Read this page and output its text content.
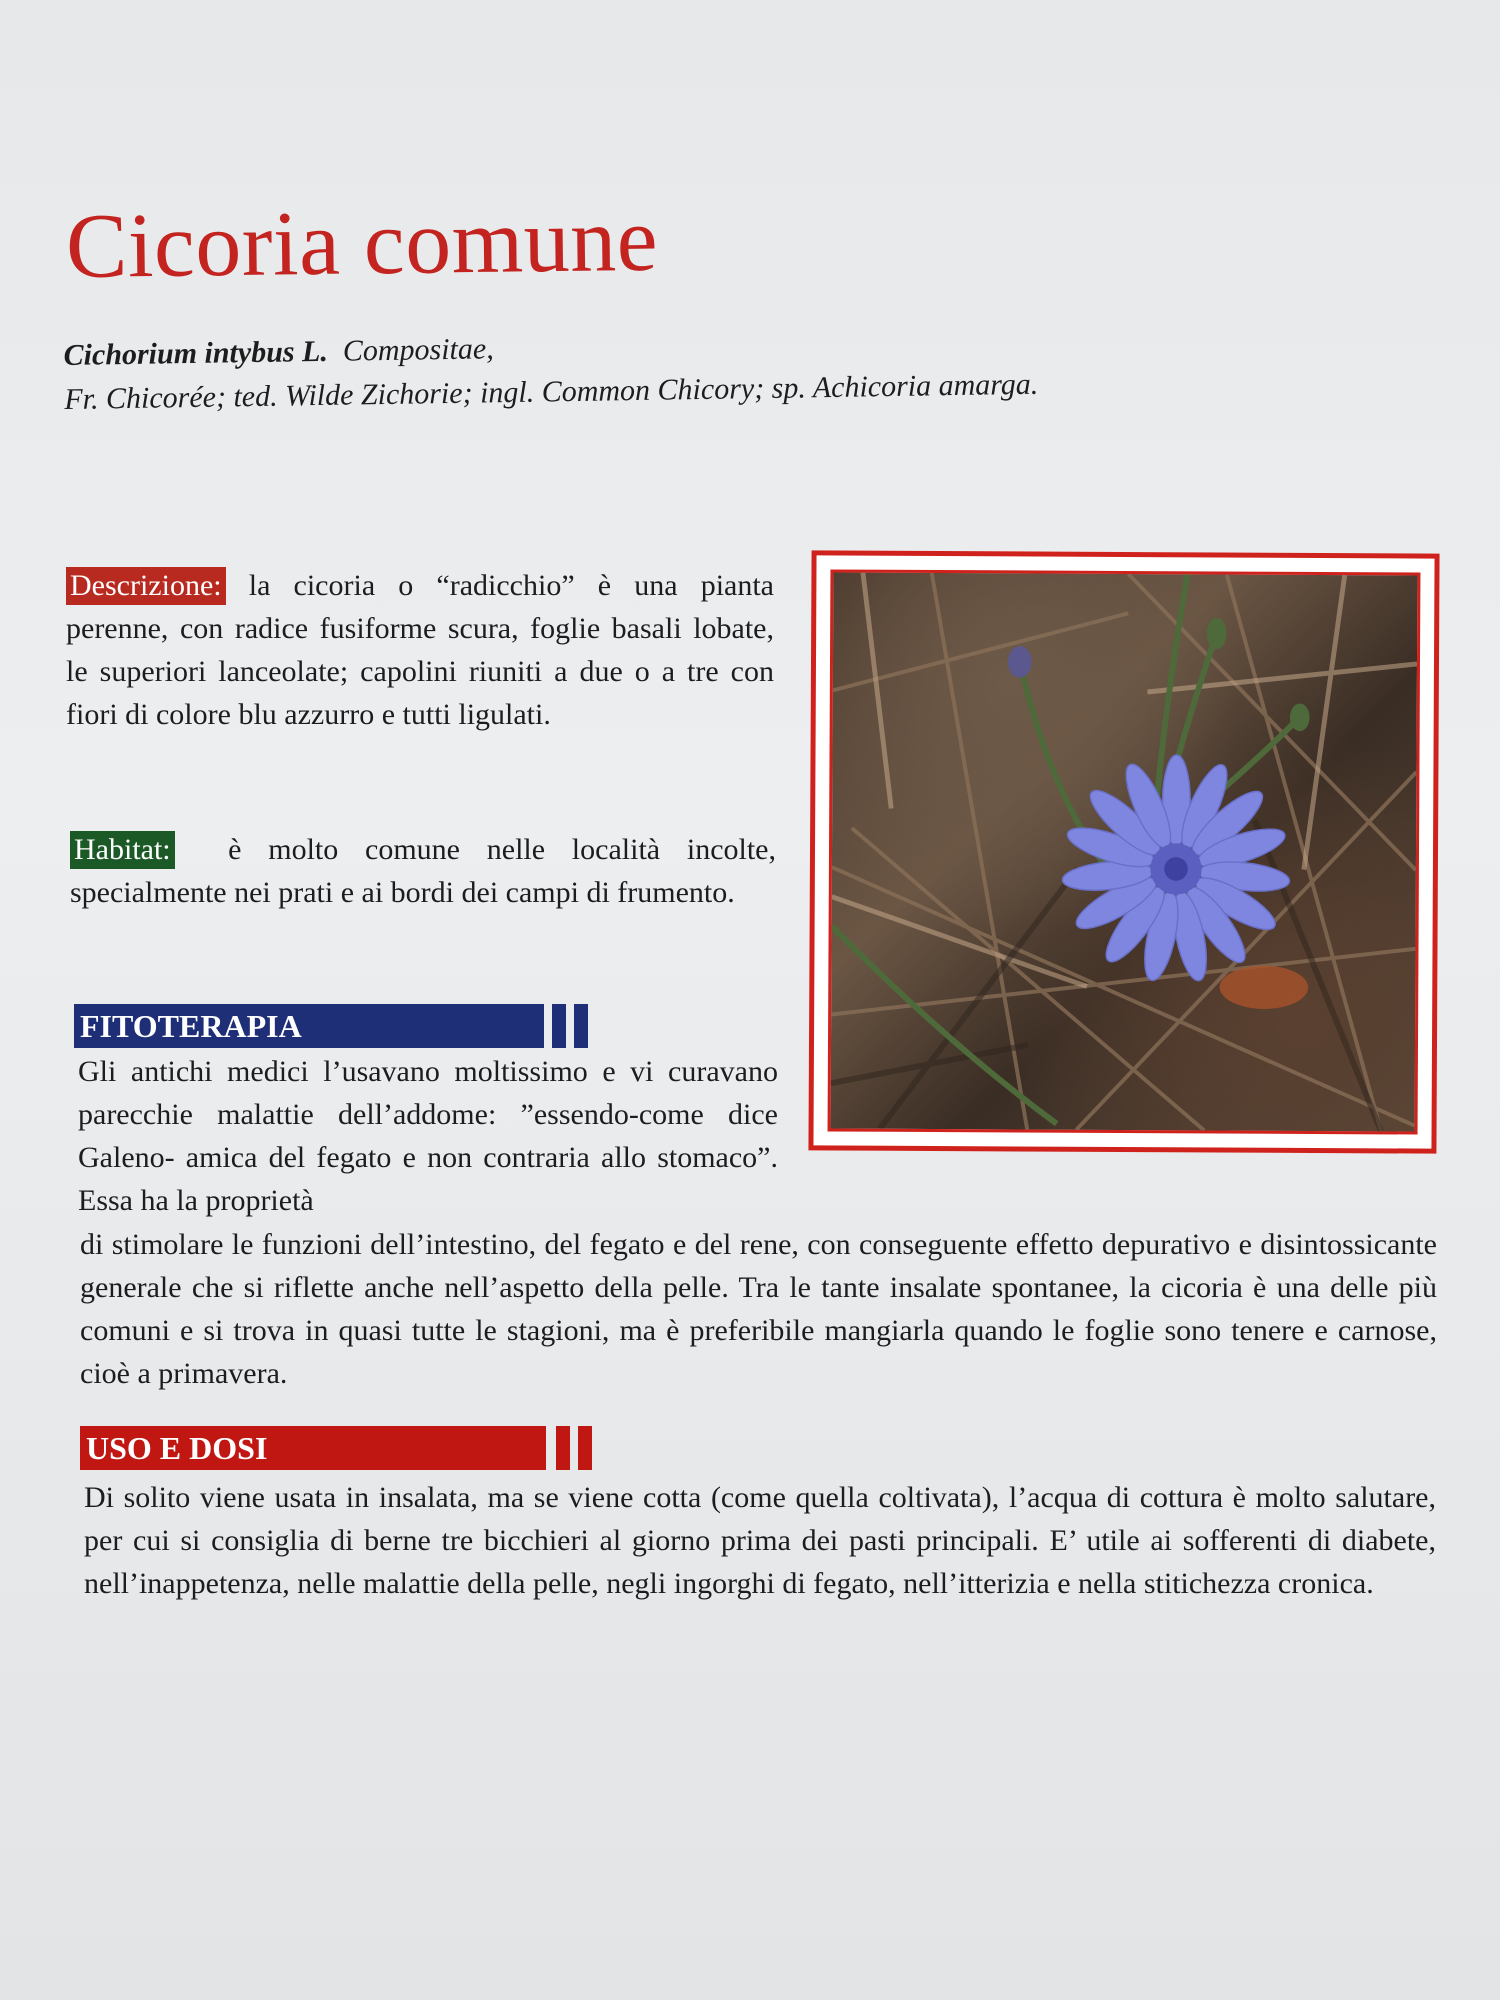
Cicoria comune
Cichorium intybus L. Compositae,
Fr. Chicorée; ted. Wilde Zichorie; ingl. Common Chicory; sp. Achicoria amarga.

Descrizione: la cicoria o “radicchio” è una pianta perenne, con radice fusiforme scura, foglie basali lobate, le superiori lanceolate; capolini riuniti a due o a tre con fiori di colore blu azzurro e tutti ligulati.

Habitat: è molto comune nelle località incolte, specialmente nei prati e ai bordi dei campi di frumento.

FITOTERAPIA

Gli antichi medici l’usavano moltissimo e vi curavano parecchie malattie dell’addome: ”essendo-come dice Galeno- amica del fegato e non contraria allo stomaco”. Essa ha la proprietà

di stimolare le funzioni dell’intestino, del fegato e del rene, con conseguente effetto depurativo e disintossicante generale che si riflette anche nell’aspetto della pelle. Tra le tante insalate spontanee, la cicoria è una delle più comuni e si trova in quasi tutte le stagioni, ma è preferibile mangiarla quando le foglie sono tenere e carnose, cioè a primavera.

USO E DOSI

Di solito viene usata in insalata, ma se viene cotta (come quella coltivata), l’acqua di cottura è molto salutare, per cui si consiglia di berne tre bicchieri al giorno prima dei pasti principali. E’ utile ai sofferenti di diabete, nell’inappetenza, nelle malattie della pelle, negli ingorghi di fegato, nell’itterizia e nella stitichezza cronica.
